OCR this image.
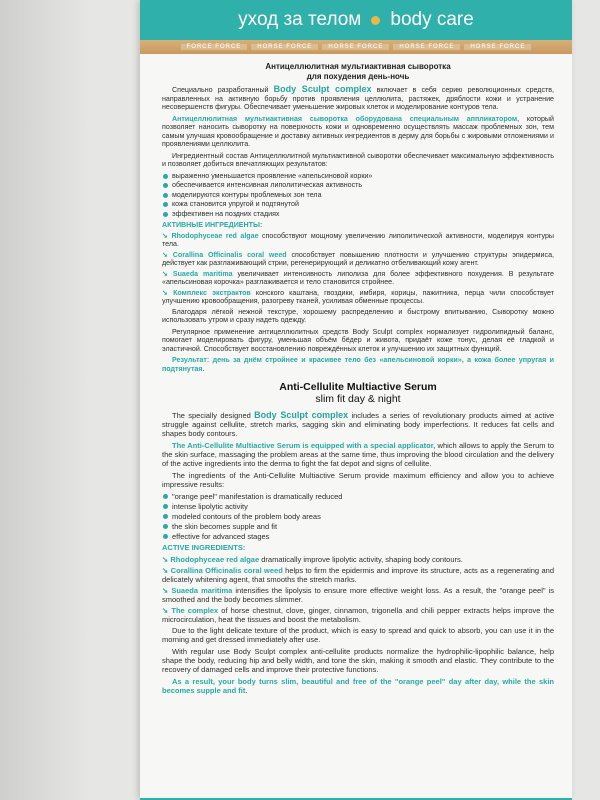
уход за телом body care
FORCE FORCE	HORSE FORCE	HORSE FORCE	HORSE FORCE	HORSE FORCE
Антицеллюлитная мультиактивная сыворотка
для похудения день-ночь

Специально разработанный Body Sculpt complex включает в себя серию революционных средств, направленных на активную борьбу против проявления целлюлита, растяжек, дряблости кожи и устранение несовершенств фигуры. Обеспечивает уменьшение жировых клеток и моделирование контуров тела.

Антицеллюлитная мультиактивная сыворотка оборудована специальным аппликатором, который позволяет наносить сыворотку на поверхность кожи и одновременно осуществлять массаж проблемных зон, тем самым улучшая кровообращение и доставку активных ингредиентов в дерму для борьбы с жировыми отложениями и проявлениями целлюлита.

Ингредиентный состав Антицеллюлитной мультиактивной сыворотки обеспечивает максимальную эффективность и позволяет добиться впечатляющих результатов:

выраженно уменьшается проявление «апельсиновой корки»
обеспечивается интенсивная липолитическая активность
моделируются контуры проблемных зон тела
кожа становится упругой и подтянутой
эффективен на поздних стадиях
АКТИВНЫЕ ИНГРЕДИЕНТЫ:
➘ Rhodophyceae red algae способствуют мощному увеличению липолитической активности, моделируя контуры тела.
➘ Corallina Officinalis coral weed способствует повышению плотности и улучшению структуры эпидермиса, действует как разглаживающий стрии, регенерирующий и деликатно отбеливающий кожу агент.
➘ Suaeda maritima увеличивает интенсивность липолиза для более эффективного похудения. В результате «апельсиновая корочка» разглаживается и тело становится стройнее.
➘ Комплекс экстрактов конского каштана, гвоздики, имбиря, корицы, пажитника, перца чили способствует улучшению кровообращения, разогреву тканей, усиливая обменные процессы.

Благодаря лёгкой нежной текстуре, хорошему распределению и быстрому впитыванию, Сыворотку можно использовать утром и сразу надеть одежду.

Регулярное применение антицеллюлитных средств Body Sculpt complex нормализует гидролипидный баланс, помогает моделировать фигуру, уменьшая объём бёдер и живота, придаёт коже тонус, делая её гладкой и эластичной. Способствует восстановлению повреждённых клеток и улучшению их защитных функций.

Результат: день за днём стройнее и красивее тело без «апельсиновой корки», а кожа более упругая и подтянутая.
Anti-Cellulite Multiactive Serum
slim fit day & night

The specially designed Body Sculpt complex includes a series of revolutionary products aimed at active struggle against cellulite, stretch marks, sagging skin and eliminating body imperfections. It reduces fat cells and shapes body contours.

The Anti-Cellulite Multiactive Serum is equipped with a special applicator, which allows to apply the Serum to the skin surface, massaging the problem areas at the same time, thus improving the blood circulation and the delivery of the active ingredients into the derma to fight the fat depot and signs of cellulite.

The ingredients of the Anti-Cellulite Multiactive Serum provide maximum efficiency and allow you to achieve impressive results:

"orange peel" manifestation is dramatically reduced
intense lipolytic activity
modeled contours of the problem body areas
the skin becomes supple and fit
effective for advanced stages
ACTIVE INGREDIENTS:
➘ Rhodophyceae red algae dramatically improve lipolytic activity, shaping body contours.
➘ Corallina Officinalis coral weed helps to firm the epidermis and improve its structure, acts as a regenerating and delicately whitening agent, that smooths the stretch marks.
➘ Suaeda maritima intensifies the lipolysis to ensure more effective weight loss. As a result, the "orange peel" is smoothed and the body becomes slimmer.
➘ The complex of horse chestnut, clove, ginger, cinnamon, trigonella and chili pepper extracts helps improve the microcirculation, heat the tissues and boost the metabolism.

Due to the light delicate texture of the product, which is easy to spread and quick to absorb, you can use it in the morning and get dressed immediately after use.

With regular use Body Sculpt complex anti-cellulite products normalize the hydrophilic-lipophilic balance, help shape the body, reducing hip and belly width, and tone the skin, making it smooth and elastic. They contribute to the recovery of damaged cells and improve their protective functions.

As a result, your body turns slim, beautiful and free of the "orange peel" day after day, while the skin becomes supple and fit.
